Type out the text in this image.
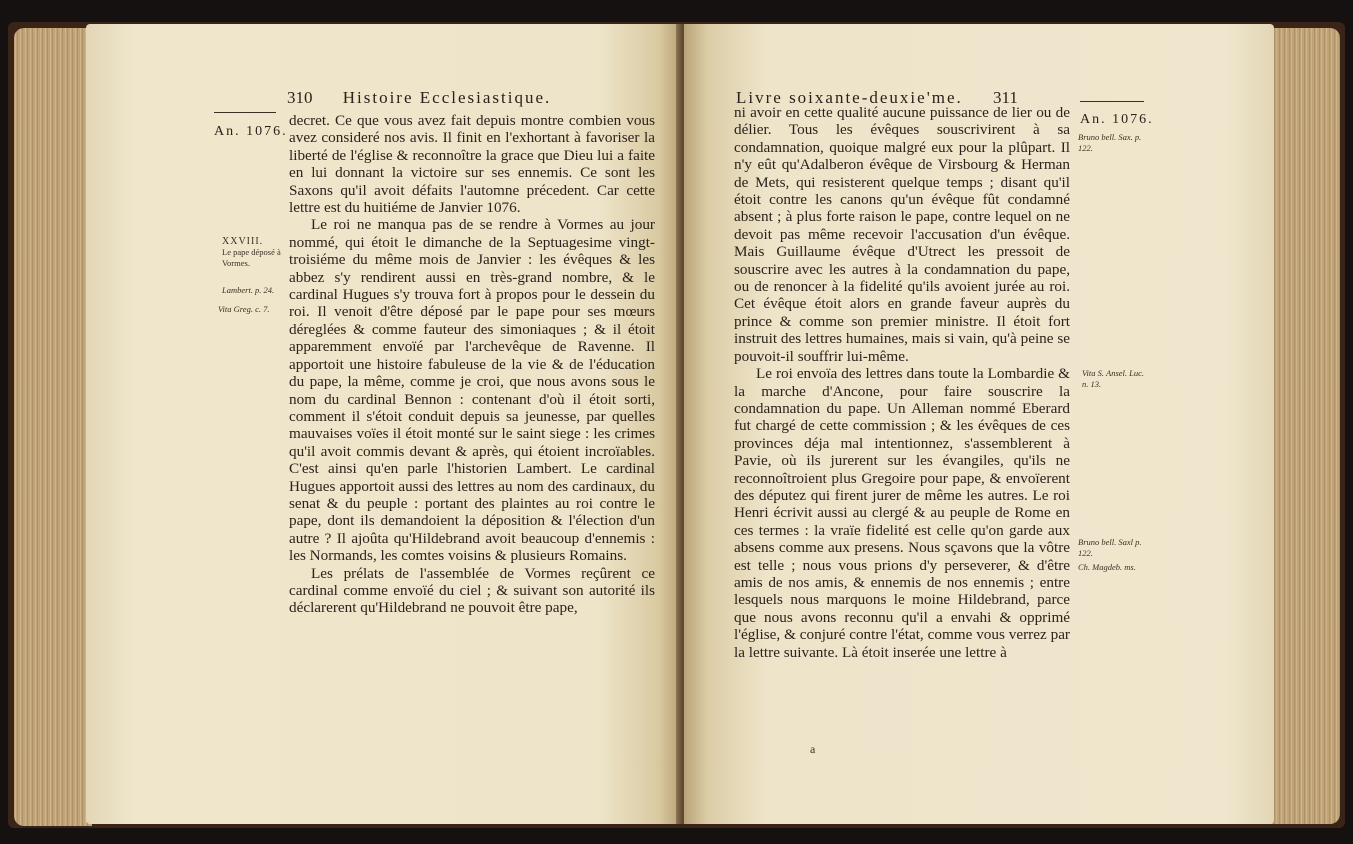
310 Histoire Ecclesiastique.
An. 1076.
XXVIII.
Le pape déposé à Vormes.
Lambert. p. 24.
Vita Greg. c. 7.

decret. Ce que vous avez fait depuis montre combien vous avez consideré nos avis. Il finit en l'exhortant à favoriser la liberté de l'église & reconnoître la grace que Dieu lui a faite en lui donnant la victoire sur ses ennemis. Ce sont les Saxons qu'il avoit défaits l'automne précedent. Car cette lettre est du huitiéme de Janvier 1076.

Le roi ne manqua pas de se rendre à Vormes au jour nommé, qui étoit le dimanche de la Septuagesime vingt-troisiéme du même mois de Janvier : les évêques & les abbez s'y rendirent aussi en très-grand nombre, & le cardinal Hugues s'y trouva fort à propos pour le dessein du roi. Il venoit d'être déposé par le pape pour ses mœurs déreglées & comme fauteur des simoniaques ; & il étoit apparemment envoïé par l'archevêque de Ravenne. Il apportoit une histoire fabuleuse de la vie & de l'éducation du pape, la même, comme je croi, que nous avons sous le nom du cardinal Bennon : contenant d'où il étoit sorti, comment il s'étoit conduit depuis sa jeunesse, par quelles mauvaises voïes il étoit monté sur le saint siege : les crimes qu'il avoit commis devant & après, qui étoient incroïables. C'est ainsi qu'en parle l'historien Lambert. Le cardinal Hugues apportoit aussi des lettres au nom des cardinaux, du senat & du peuple : portant des plaintes au roi contre le pape, dont ils demandoient la déposition & l'élection d'un autre ? Il ajoûta qu'Hildebrand avoit beaucoup d'ennemis : les Normands, les comtes voisins & plusieurs Romains.

Les prélats de l'assemblée de Vormes reçûrent ce cardinal comme envoïé du ciel ; & suivant son autorité ils déclarerent qu'Hildebrand ne pouvoit être pape,

Livre soixante-deuxie'me. 311
An. 1076.
Bruno bell. Sax. p. 122.
Vita S. Ansel. Luc. n. 13.
Bruno bell. Saxl p. 122.
Ch. Magdeb. ms.

ni avoir en cette qualité aucune puissance de lier ou de délier. Tous les évêques souscrivirent à sa condamnation, quoique malgré eux pour la plûpart. Il n'y eût qu'Adalberon évêque de Virsbourg & Herman de Mets, qui resisterent quelque temps ; disant qu'il étoit contre les canons qu'un évêque fût condamné absent ; à plus forte raison le pape, contre lequel on ne devoit pas même recevoir l'accusation d'un évêque. Mais Guillaume évêque d'Utrect les pressoit de souscrire avec les autres à la condamnation du pape, ou de renoncer à la fidelité qu'ils avoient jurée au roi. Cet évêque étoit alors en grande faveur auprès du prince & comme son premier ministre. Il étoit fort instruit des lettres humaines, mais si vain, qu'à peine se pouvoit-il souffrir lui-même.

Le roi envoïa des lettres dans toute la Lombardie & la marche d'Ancone, pour faire souscrire la condamnation du pape. Un Alleman nommé Eberard fut chargé de cette commission ; & les évêques de ces provinces déja mal intentionnez, s'assemblerent à Pavie, où ils jurerent sur les évangiles, qu'ils ne reconnoîtroient plus Gregoire pour pape, & envoïerent des députez qui firent jurer de même les autres. Le roi Henri écrivit aussi au clergé & au peuple de Rome en ces termes : la vraïe fidelité est celle qu'on garde aux absens comme aux presens. Nous sçavons que la vôtre est telle ; nous vous prions d'y perseverer, & d'être amis de nos amis, & ennemis de nos ennemis ; entre lesquels nous marquons le moine Hildebrand, parce que nous avons reconnu qu'il a envahi & opprimé l'église, & conjuré contre l'état, comme vous verrez par la lettre suivante. Là étoit inserée une lettre à

a
